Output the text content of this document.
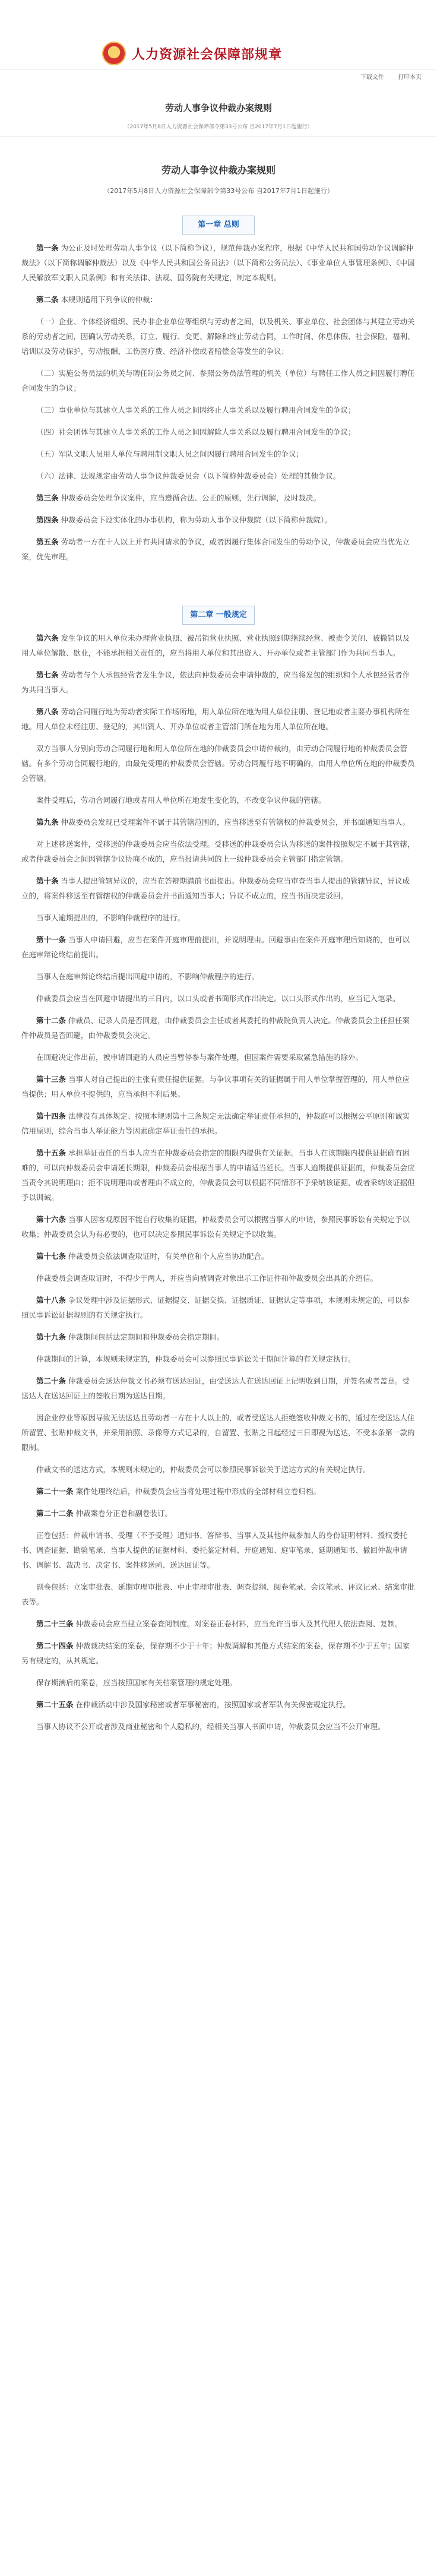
★ 人力资源社会保障部规章
下载文件 打印本页
劳动人事争议仲裁办案规则
（2017年5月8日人力资源社会保障部令第33号公布 自2017年7月1日起施行）
劳动人事争议仲裁办案规则
（2017年5月8日人力资源社会保障部令第33号公布 自2017年7月1日起施行）
第一章 总则

第一条 为公正及时处理劳动人事争议（以下简称争议），规范仲裁办案程序，根据《中华人民共和国劳动争议调解仲裁法》（以下简称调解仲裁法）以及《中华人民共和国公务员法》（以下简称公务员法）、《事业单位人事管理条例》、《中国人民解放军文职人员条例》和有关法律、法规、国务院有关规定，制定本规则。

第二条 本规则适用下列争议的仲裁：

（一）企业、个体经济组织、民办非企业单位等组织与劳动者之间，以及机关、事业单位、社会团体与其建立劳动关系的劳动者之间，因确认劳动关系，订立、履行、变更、解除和终止劳动合同，工作时间、休息休假、社会保险、福利、培训以及劳动保护，劳动报酬、工伤医疗费、经济补偿或者赔偿金等发生的争议；

（二）实施公务员法的机关与聘任制公务员之间、参照公务员法管理的机关（单位）与聘任工作人员之间因履行聘任合同发生的争议；

（三）事业单位与其建立人事关系的工作人员之间因终止人事关系以及履行聘用合同发生的争议；

（四）社会团体与其建立人事关系的工作人员之间因解除人事关系以及履行聘用合同发生的争议；

（五）军队文职人员用人单位与聘用制文职人员之间因履行聘用合同发生的争议；

（六）法律、法规规定由劳动人事争议仲裁委员会（以下简称仲裁委员会）处理的其他争议。

第三条 仲裁委员会处理争议案件，应当遵循合法、公正的原则，先行调解，及时裁决。

第四条 仲裁委员会下设实体化的办事机构，称为劳动人事争议仲裁院（以下简称仲裁院）。

第五条 劳动者一方在十人以上并有共同请求的争议，或者因履行集体合同发生的劳动争议，仲裁委员会应当优先立案，优先审理。

第二章 一般规定

第六条 发生争议的用人单位未办理营业执照、被吊销营业执照、营业执照到期继续经营、被责令关闭、被撤销以及用人单位解散、歇业，不能承担相关责任的，应当将用人单位和其出资人、开办单位或者主管部门作为共同当事人。

第七条 劳动者与个人承包经营者发生争议，依法向仲裁委员会申请仲裁的，应当将发包的组织和个人承包经营者作为共同当事人。

第八条 劳动合同履行地为劳动者实际工作场所地，用人单位所在地为用人单位注册、登记地或者主要办事机构所在地。用人单位未经注册、登记的，其出资人、开办单位或者主管部门所在地为用人单位所在地。

双方当事人分别向劳动合同履行地和用人单位所在地的仲裁委员会申请仲裁的，由劳动合同履行地的仲裁委员会管辖。有多个劳动合同履行地的，由最先受理的仲裁委员会管辖。劳动合同履行地不明确的，由用人单位所在地的仲裁委员会管辖。

案件受理后，劳动合同履行地或者用人单位所在地发生变化的，不改变争议仲裁的管辖。

第九条 仲裁委员会发现已受理案件不属于其管辖范围的，应当移送至有管辖权的仲裁委员会，并书面通知当事人。

对上述移送案件，受移送的仲裁委员会应当依法受理。受移送的仲裁委员会认为移送的案件按照规定不属于其管辖，或者仲裁委员会之间因管辖争议协商不成的，应当报请共同的上一级仲裁委员会主管部门指定管辖。

第十条 当事人提出管辖异议的，应当在答辩期满前书面提出。仲裁委员会应当审查当事人提出的管辖异议，异议成立的，将案件移送至有管辖权的仲裁委员会并书面通知当事人；异议不成立的，应当书面决定驳回。

当事人逾期提出的，不影响仲裁程序的进行。

第十一条 当事人申请回避，应当在案件开庭审理前提出，并说明理由。回避事由在案件开庭审理后知晓的，也可以在庭审辩论终结前提出。

当事人在庭审辩论终结后提出回避申请的，不影响仲裁程序的进行。

仲裁委员会应当在回避申请提出的三日内，以口头或者书面形式作出决定。以口头形式作出的，应当记入笔录。

第十二条 仲裁员、记录人员是否回避，由仲裁委员会主任或者其委托的仲裁院负责人决定。仲裁委员会主任担任案件仲裁员是否回避，由仲裁委员会决定。

在回避决定作出前，被申请回避的人员应当暂停参与案件处理，但因案件需要采取紧急措施的除外。

第十三条 当事人对自己提出的主张有责任提供证据。与争议事项有关的证据属于用人单位掌握管理的，用人单位应当提供；用人单位不提供的，应当承担不利后果。

第十四条 法律没有具体规定、按照本规则第十三条规定无法确定举证责任承担的，仲裁庭可以根据公平原则和诚实信用原则，综合当事人举证能力等因素确定举证责任的承担。

第十五条 承担举证责任的当事人应当在仲裁委员会指定的期限内提供有关证据。当事人在该期限内提供证据确有困难的，可以向仲裁委员会申请延长期限，仲裁委员会根据当事人的申请适当延长。当事人逾期提供证据的，仲裁委员会应当责令其说明理由；拒不说明理由或者理由不成立的，仲裁委员会可以根据不同情形不予采纳该证据，或者采纳该证据但予以训诫。

第十六条 当事人因客观原因不能自行收集的证据，仲裁委员会可以根据当事人的申请，参照民事诉讼有关规定予以收集；仲裁委员会认为有必要的，也可以决定参照民事诉讼有关规定予以收集。

第十七条 仲裁委员会依法调查取证时，有关单位和个人应当协助配合。

仲裁委员会调查取证时，不得少于两人，并应当向被调查对象出示工作证件和仲裁委员会出具的介绍信。

第十八条 争议处理中涉及证据形式、证据提交、证据交换、证据质证、证据认定等事项，本规则未规定的，可以参照民事诉讼证据规则的有关规定执行。

第十九条 仲裁期间包括法定期间和仲裁委员会指定期间。

仲裁期间的计算，本规则未规定的，仲裁委员会可以参照民事诉讼关于期间计算的有关规定执行。

第二十条 仲裁委员会送达仲裁文书必须有送达回证，由受送达人在送达回证上记明收到日期，并签名或者盖章。受送达人在送达回证上的签收日期为送达日期。

因企业停业等原因导致无法送达且劳动者一方在十人以上的，或者受送达人拒绝签收仲裁文书的，通过在受送达人住所留置、张贴仲裁文书，并采用拍照、录像等方式记录的，自留置、张贴之日起经过三日即视为送达，不受本条第一款的限制。

仲裁文书的送达方式，本规则未规定的，仲裁委员会可以参照民事诉讼关于送达方式的有关规定执行。

第二十一条 案件处理终结后，仲裁委员会应当将处理过程中形成的全部材料立卷归档。

第二十二条 仲裁案卷分正卷和副卷装订。

正卷包括：仲裁申请书、受理（不予受理）通知书、答辩书、当事人及其他仲裁参加人的身份证明材料、授权委托书、调查证据、勘验笔录、当事人提供的证据材料、委托鉴定材料、开庭通知、庭审笔录、延期通知书、撤回仲裁申请书、调解书、裁决书、决定书、案件移送函、送达回证等。

副卷包括：立案审批表、延期审理审批表、中止审理审批表、调查提纲、阅卷笔录、会议笔录、评议记录、结案审批表等。

第二十三条 仲裁委员会应当建立案卷查阅制度。对案卷正卷材料，应当允许当事人及其代理人依法查阅、复制。

第二十四条 仲裁裁决结案的案卷，保存期不少于十年；仲裁调解和其他方式结案的案卷，保存期不少于五年；国家另有规定的，从其规定。

保存期满后的案卷，应当按照国家有关档案管理的规定处理。

第二十五条 在仲裁活动中涉及国家秘密或者军事秘密的，按照国家或者军队有关保密规定执行。

当事人协议不公开或者涉及商业秘密和个人隐私的，经相关当事人书面申请，仲裁委员会应当不公开审理。
